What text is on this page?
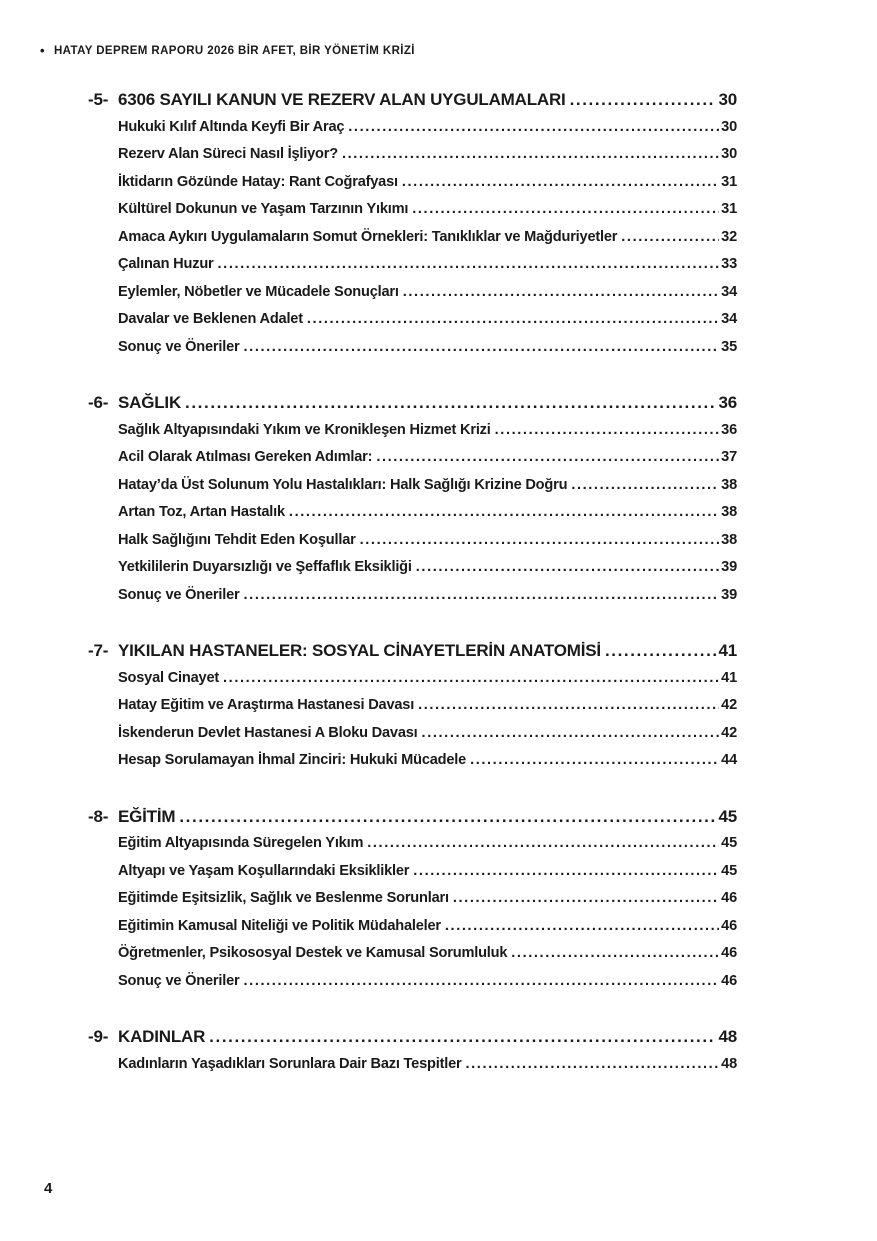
• HATAY DEPREM RAPORU 2026 BİR AFET, BİR YÖNETİM KRİZİ
-5- 6306 SAYILI KANUN VE REZERV ALAN UYGULAMALARI .....	30
Hukuki Kılıf Altında Keyfi Bir Araç .....	30
Rezerv Alan Süreci Nasıl İşliyor? .....	30
İktidarın Gözünde Hatay: Rant Coğrafyası .....	31
Kültürel Dokunun ve Yaşam Tarzının Yıkımı .....	31
Amaca Aykırı Uygulamaların Somut Örnekleri: Tanıklıklar ve Mağduriyetler .....	32
Çalınan Huzur .....	33
Eylemler, Nöbetler ve Mücadele Sonuçları .....	34
Davalar ve Beklenen Adalet .....	34
Sonuç ve Öneriler .....	35
-6- SAĞLIK .....	36
Sağlık Altyapısındaki Yıkım ve Kronikleşen Hizmet Krizi .....	36
Acil Olarak Atılması Gereken Adımlar: .....	37
Hatay’da Üst Solunum Yolu Hastalıkları: Halk Sağlığı Krizine Doğru .....	38
Artan Toz, Artan Hastalık .....	38
Halk Sağlığını Tehdit Eden Koşullar .....	38
Yetkililerin Duyarsızlığı ve Şeffaflık Eksikliği .....	39
Sonuç ve Öneriler .....	39
-7- YIKILAN HASTANELER: SOSYAL CİNAYETLERİN ANATOMİSİ .....	41
Sosyal Cinayet .....	41
Hatay Eğitim ve Araştırma Hastanesi Davası .....	42
İskenderun Devlet Hastanesi A Bloku Davası .....	42
Hesap Sorulamayan İhmal Zinciri: Hukuki Mücadele .....	44
-8- EĞİTİM .....	45
Eğitim Altyapısında Süregelen Yıkım .....	45
Altyapı ve Yaşam Koşullarındaki Eksiklikler .....	45
Eğitimde Eşitsizlik, Sağlık ve Beslenme Sorunları .....	46
Eğitimin Kamusal Niteliği ve Politik Müdahaleler .....	46
Öğretmenler, Psikososyal Destek ve Kamusal Sorumluluk .....	46
Sonuç ve Öneriler .....	46
-9- KADINLAR .....	48
Kadınların Yaşadıkları Sorunlara Dair Bazı Tespitler .....	48
4
